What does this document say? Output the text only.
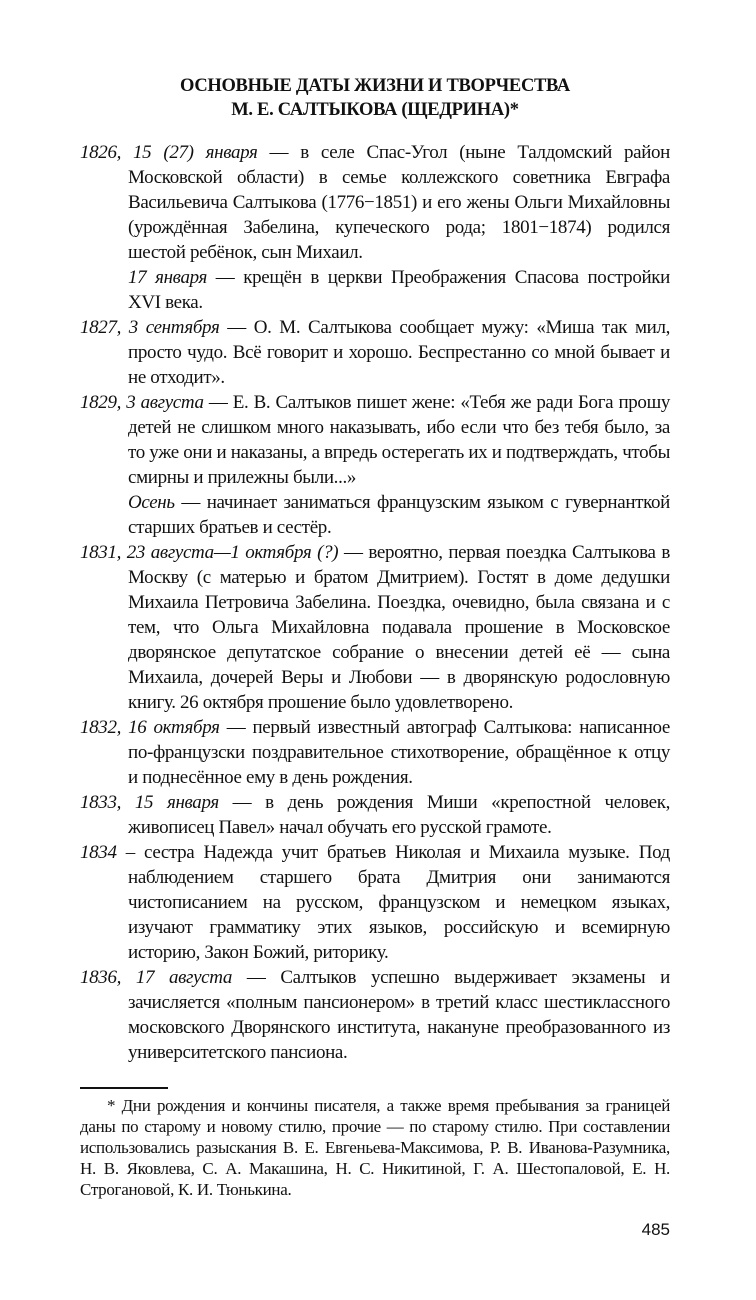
ОСНОВНЫЕ ДАТЫ ЖИЗНИ И ТВОРЧЕСТВА
М. Е. САЛТЫКОВА (ЩЕДРИНА)*

1826, 15 (27) января — в селе Спас-Угол (ныне Талдомский район Московской области) в семье коллежского советника Евграфа Васильевича Салтыкова (1776−1851) и его жены Ольги Михайловны (урождённая Забелина, купеческого рода; 1801−1874) родился шестой ребёнок, сын Михаил.

17 января — крещён в церкви Преображения Спасова постройки XVI века.

1827, 3 сентября — О. М. Салтыкова сообщает мужу: «Миша так мил, просто чудо. Всё говорит и хорошо. Беспрестанно со мной бывает и не отходит».

1829, 3 августа — Е. В. Салтыков пишет жене: «Тебя же ради Бога прошу детей не слишком много наказывать, ибо если что без тебя было, за то уже они и наказаны, а впредь остерегать их и подтверждать, чтобы смирны и прилежны были...»

Осень — начинает заниматься французским языком с гувернанткой старших братьев и сестёр.

1831, 23 августа—1 октября (?) — вероятно, первая поездка Салтыкова в Москву (с матерью и братом Дмитрием). Гостят в доме дедушки Михаила Петровича Забелина. Поездка, очевидно, была связана и с тем, что Ольга Михайловна подавала прошение в Московское дворянское депутатское собрание о внесении детей её — сына Михаила, дочерей Веры и Любови — в дворянскую родословную книгу. 26 октября прошение было удовлетворено.

1832, 16 октября — первый известный автограф Салтыкова: написанное по-французски поздравительное стихотворение, обращённое к отцу и поднесённое ему в день рождения.

1833, 15 января — в день рождения Миши «крепостной человек, живописец Павел» начал обучать его русской грамоте.

1834 – сестра Надежда учит братьев Николая и Михаила музыке. Под наблюдением старшего брата Дмитрия они занимаются чистописанием на русском, французском и немецком языках, изучают грамматику этих языков, российскую и всемирную историю, Закон Божий, риторику.

1836, 17 августа — Салтыков успешно выдерживает экзамены и зачисляется «полным пансионером» в третий класс шестиклассного московского Дворянского института, накануне преобразованного из университетского пансиона.

* Дни рождения и кончины писателя, а также время пребывания за границей даны по старому и новому стилю, прочие — по старому стилю. При составлении использовались разыскания В. Е. Евгеньева-Максимова, Р. В. Иванова-Разумника, Н. В. Яковлева, С. А. Макашина, Н. С. Никитиной, Г. А. Шестопаловой, Е. Н. Строгановой, К. И. Тюнькина.
485
